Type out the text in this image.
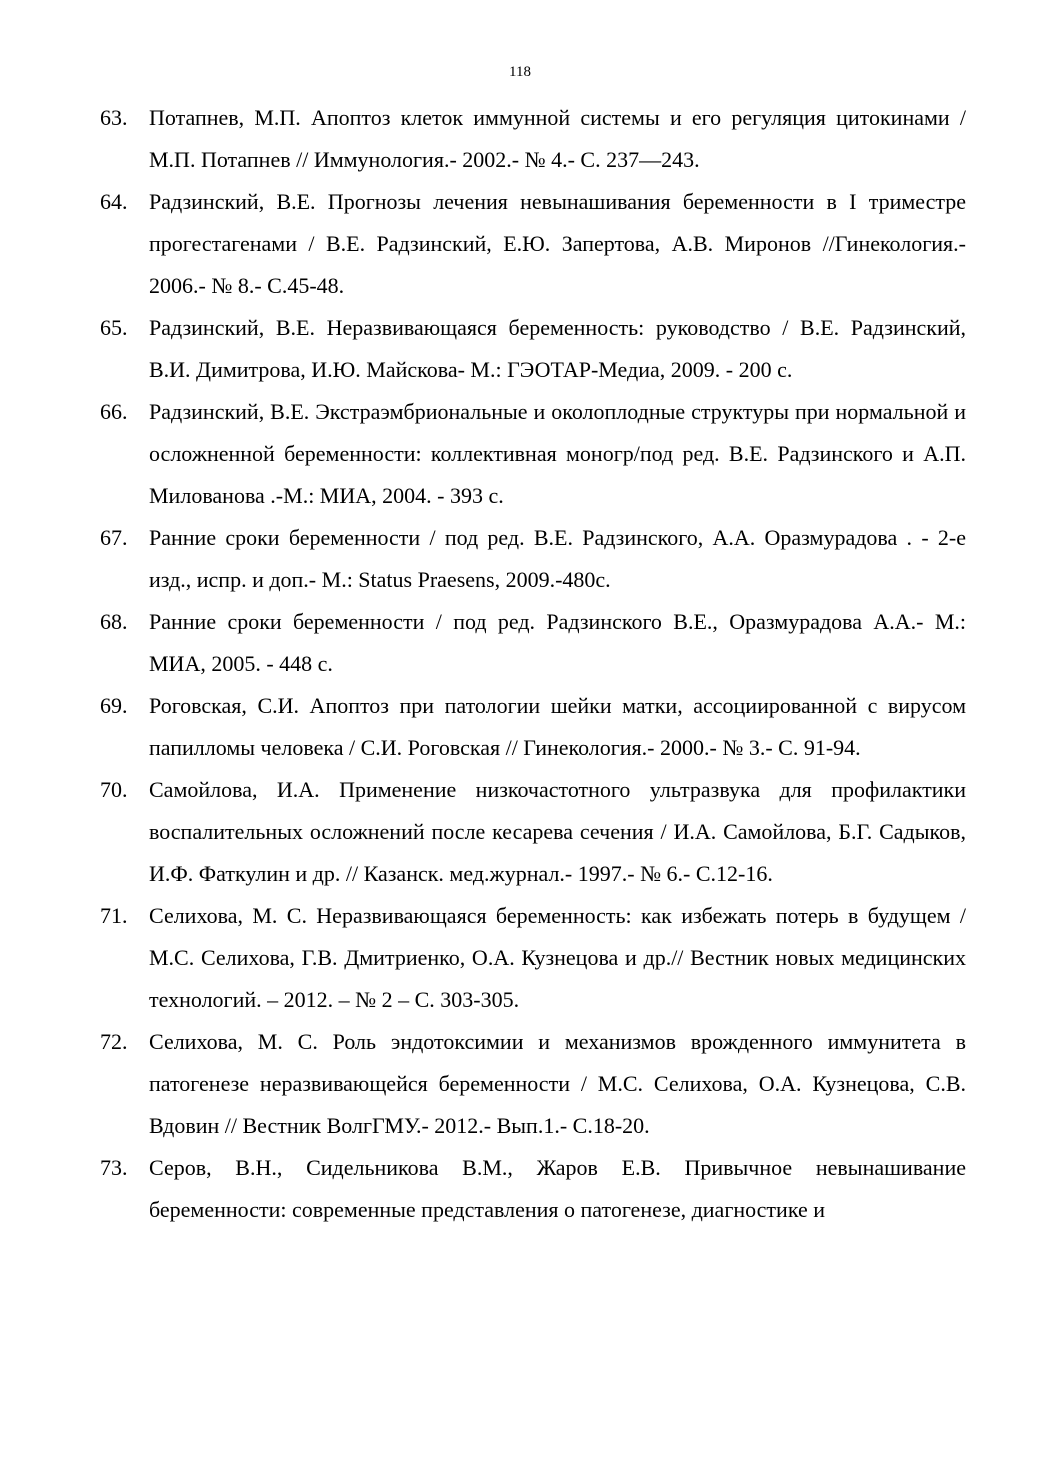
118
63. Потапнев, М.П. Апоптоз клеток иммунной системы и его регуляция цитокинами / М.П. Потапнев // Иммунология.- 2002.- № 4.- С. 237—243.
64. Радзинский, В.Е. Прогнозы лечения невынашивания беременности в I триместре прогестагенами / В.Е. Радзинский, Е.Ю. Запертова, А.В. Миронов //Гинекология.- 2006.- № 8.- С.45-48.
65. Радзинский, В.Е. Неразвивающаяся беременность: руководство / В.Е. Радзинский, В.И. Димитрова, И.Ю. Майскова- М.: ГЭОТАР-Медиа, 2009. - 200 с.
66. Радзинский, В.Е. Экстраэмбриональные и околоплодные структуры при нормальной и осложненной беременности: коллективная моногр/под ред. В.Е. Радзинского и А.П. Милованова .-М.: МИА, 2004. - 393 с.
67. Ранние сроки беременности / под ред. В.Е. Радзинского, А.А. Оразмурадова . - 2-е изд., испр. и доп.- М.: Status Praesens, 2009.-480с.
68. Ранние сроки беременности / под ред. Радзинского В.Е., Оразмурадова А.А.- М.: МИА, 2005. - 448 с.
69. Роговская, С.И. Апоптоз при патологии шейки матки, ассоциированной с вирусом папилломы человека / С.И. Роговская // Гинекология.- 2000.- № 3.- С. 91-94.
70. Самойлова, И.А. Применение низкочастотного ультразвука для профилактики воспалительных осложнений после кесарева сечения / И.А. Самойлова, Б.Г. Садыков, И.Ф. Фаткулин и др. // Казанск. мед.журнал.- 1997.- № 6.- С.12-16.
71. Селихова, М. С. Неразвивающаяся беременность: как избежать потерь в будущем / М.С. Селихова, Г.В. Дмитриенко, О.А. Кузнецова и др.// Вестник новых медицинских технологий. – 2012. – № 2 – С. 303-305.
72. Селихова, М. С. Роль эндотоксимии и механизмов врожденного иммунитета в патогенезе неразвивающейся беременности / М.С. Селихова, О.А. Кузнецова, С.В. Вдовин // Вестник ВолгГМУ.- 2012.- Вып.1.- С.18-20.
73. Серов, В.Н., Сидельникова В.М., Жаров Е.В. Привычное невынашивание беременности: современные представления о патогенезе, диагностике и
